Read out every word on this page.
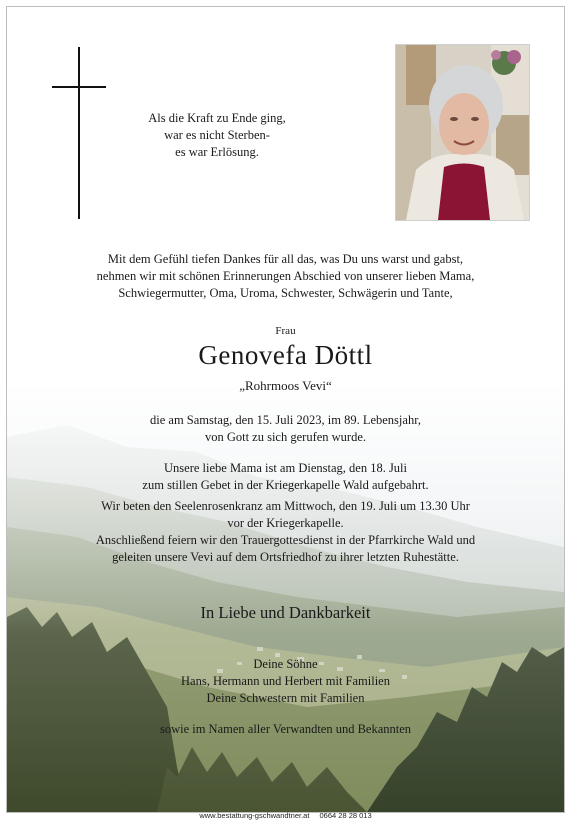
Als die Kraft zu Ende ging,
war es nicht Sterben-
es war Erlösung.
Mit dem Gefühl tiefen Dankes für all das, was Du uns warst und gabst,
nehmen wir mit schönen Erinnerungen Abschied von unserer lieben Mama,
Schwiegermutter, Oma, Uroma, Schwester, Schwägerin und Tante,
Frau
Genovefa Döttl
„Rohrmoos Vevi“
die am Samstag, den 15. Juli 2023, im 89. Lebensjahr,
von Gott zu sich gerufen wurde.
Unsere liebe Mama ist am Dienstag, den 18. Juli
zum stillen Gebet in der Kriegerkapelle Wald aufgebahrt.
Wir beten den Seelenrosenkranz am Mittwoch, den 19. Juli um 13.30 Uhr
vor der Kriegerkapelle.
Anschließend feiern wir den Trauergottesdienst in der Pfarrkirche Wald und
geleiten unsere Vevi auf dem Ortsfriedhof zu ihrer letzten Ruhestätte.
In Liebe und Dankbarkeit
Deine Söhne
Hans, Hermann und Herbert mit Familien
Deine Schwestern mit Familien
sowie im Namen aller Verwandten und Bekannten
www.bestattung-gschwandtner.at 0664 28 28 013
